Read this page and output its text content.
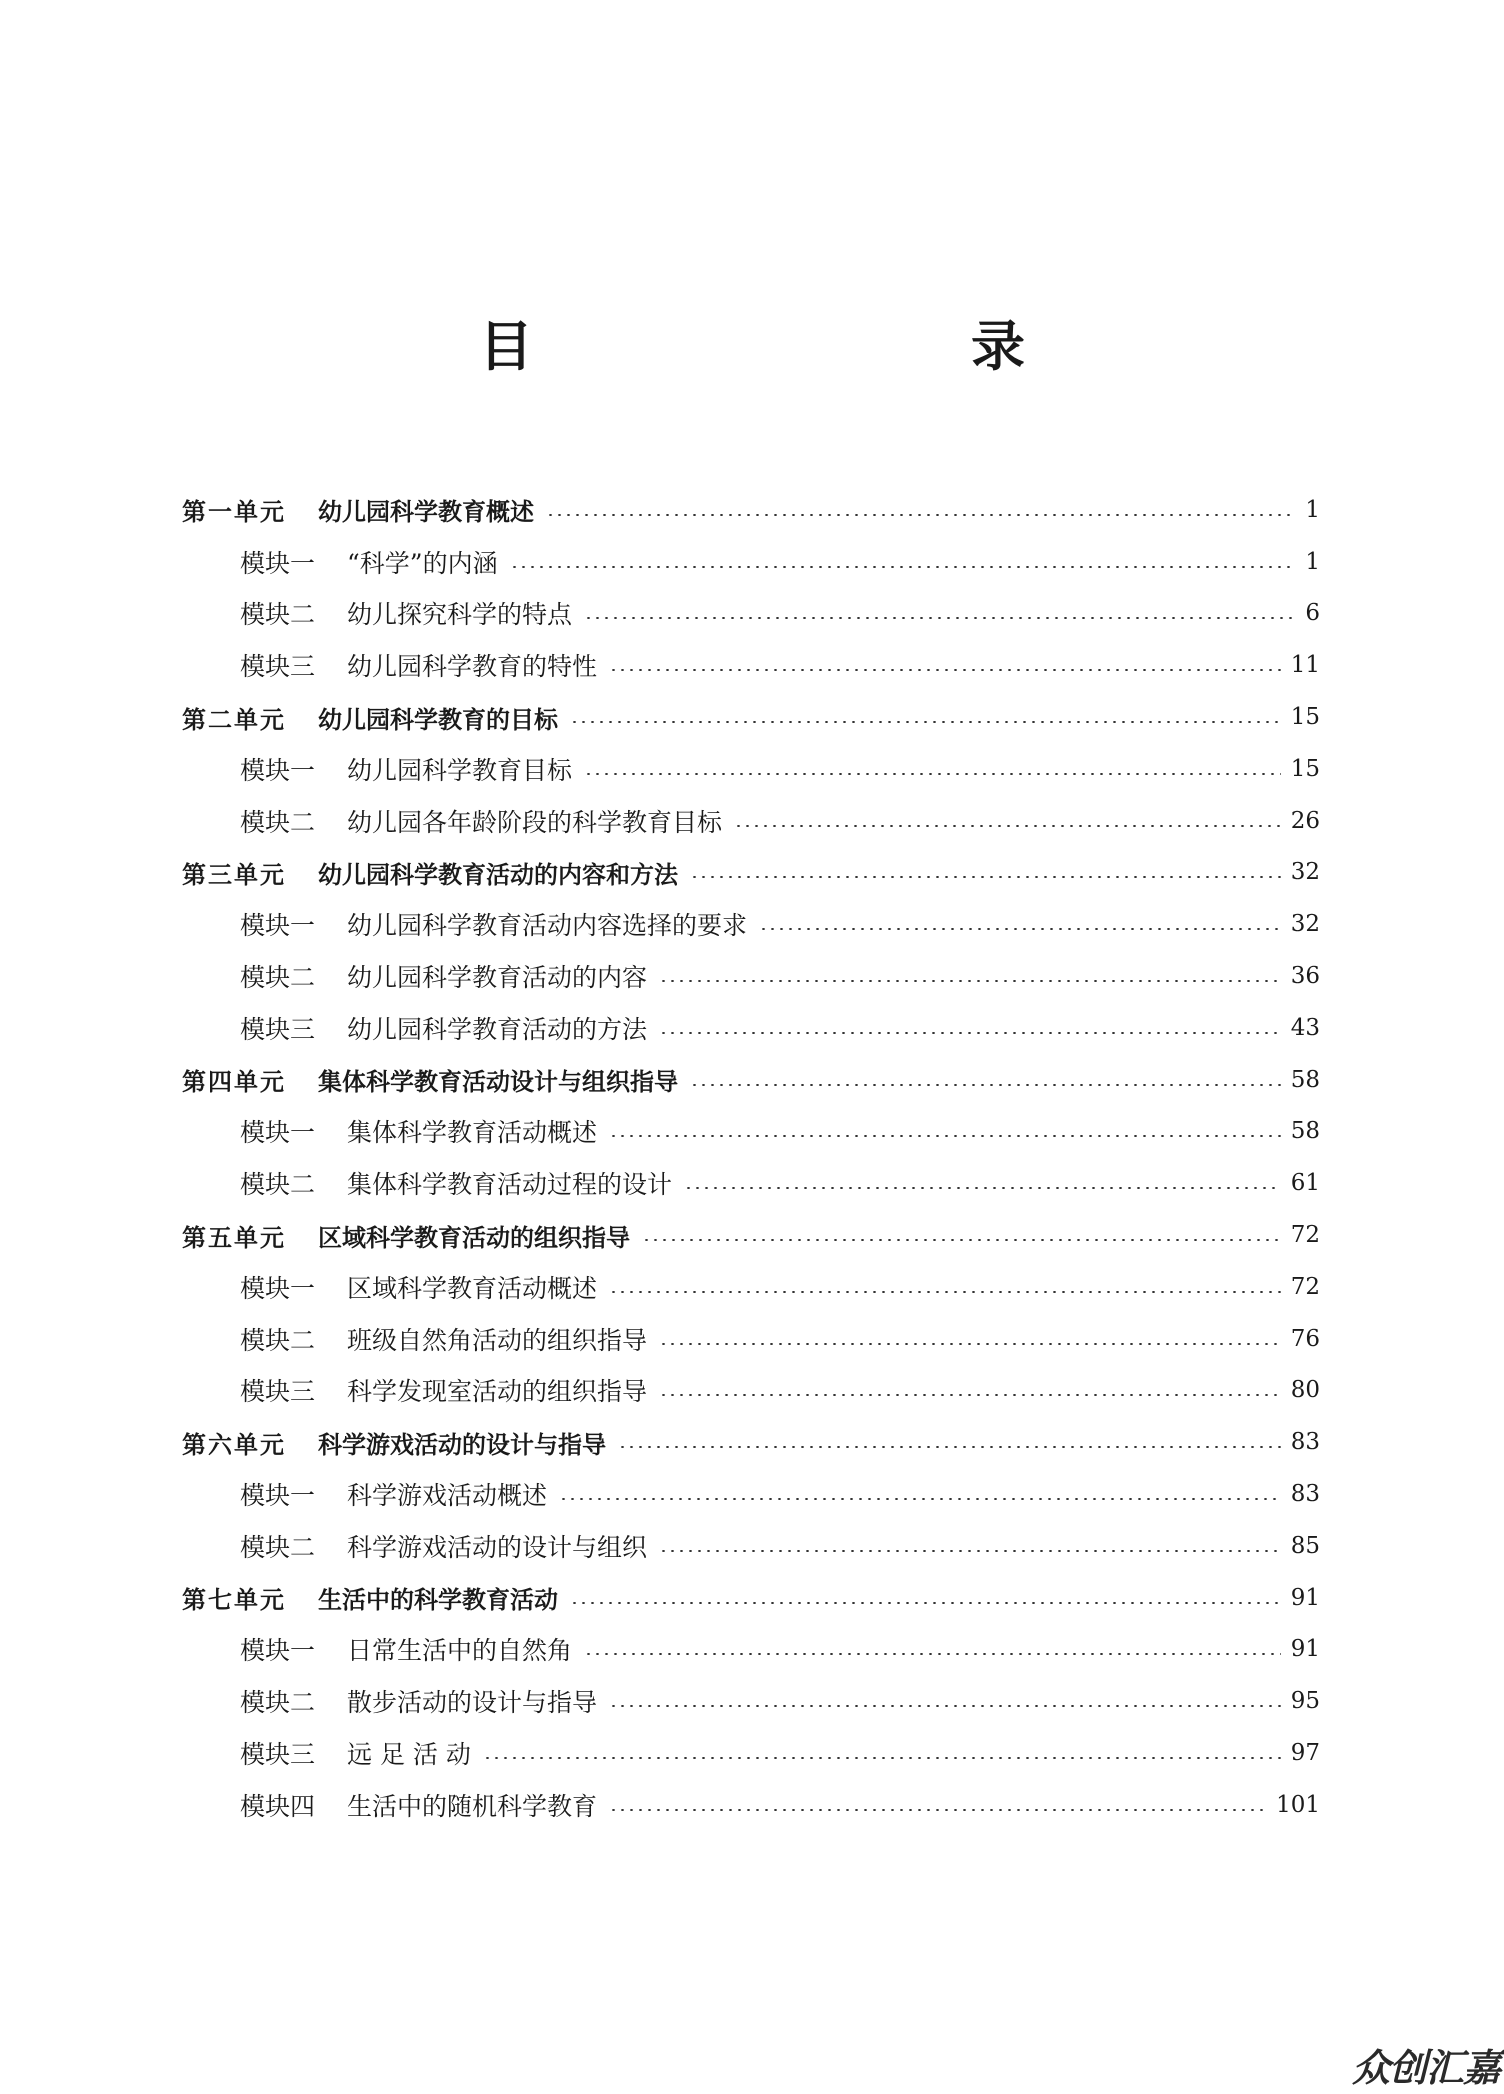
目　　录
第一单元 幼儿园科学教育概述	1
模块一 “科学”的内涵	1
模块二 幼儿探究科学的特点	6
模块三 幼儿园科学教育的特性	11
第二单元 幼儿园科学教育的目标	15
模块一 幼儿园科学教育目标	15
模块二 幼儿园各年龄阶段的科学教育目标	26
第三单元 幼儿园科学教育活动的内容和方法	32
模块一 幼儿园科学教育活动内容选择的要求	32
模块二 幼儿园科学教育活动的内容	36
模块三 幼儿园科学教育活动的方法	43
第四单元 集体科学教育活动设计与组织指导	58
模块一 集体科学教育活动概述	58
模块二 集体科学教育活动过程的设计	61
第五单元 区域科学教育活动的组织指导	72
模块一 区域科学教育活动概述	72
模块二 班级自然角活动的组织指导	76
模块三 科学发现室活动的组织指导	80
第六单元 科学游戏活动的设计与指导	83
模块一 科学游戏活动概述	83
模块二 科学游戏活动的设计与组织	85
第七单元 生活中的科学教育活动	91
模块一 日常生活中的自然角	91
模块二 散步活动的设计与指导	95
模块三 远 足 活 动	97
模块四 生活中的随机科学教育	101
众创汇嘉
